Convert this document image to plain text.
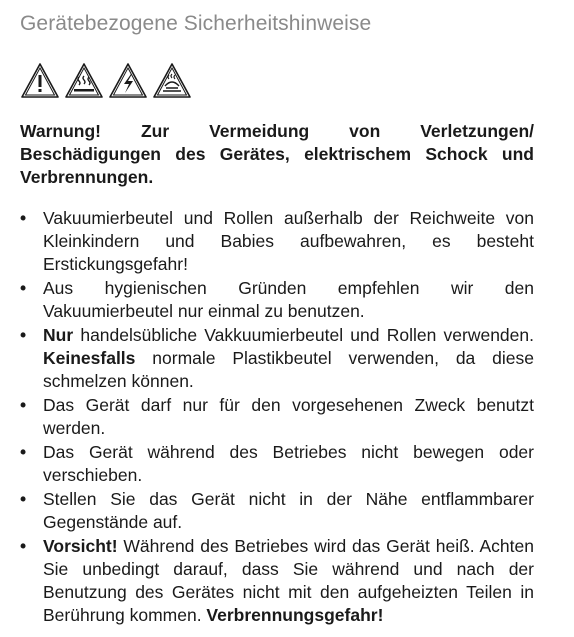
Gerätebezogene Sicherheitshinweise

Warnung! Zur Vermeidung von Verletzungen/ Beschädigungen des Gerätes, elektrischem Schock und Verbrennungen.

• Vakuumierbeutel und Rollen außerhalb der Reichweite von Kleinkindern und Babies aufbewahren, es besteht Erstickungsgefahr!
• Aus hygienischen Gründen empfehlen wir den Vakuumierbeutel nur einmal zu benutzen.
• Nur handelsübliche Vakkuumierbeutel und Rollen verwenden. Keinesfalls normale Plastikbeutel verwenden, da diese schmelzen können.
• Das Gerät darf nur für den vorgesehenen Zweck benutzt werden.
• Das Gerät während des Betriebes nicht bewegen oder verschieben.
• Stellen Sie das Gerät nicht in der Nähe entflammbarer Gegenstände auf.
• Vorsicht! Während des Betriebes wird das Gerät heiß. Achten Sie unbedingt darauf, dass Sie während und nach der Benutzung des Gerätes nicht mit den aufgeheizten Teilen in Berührung kommen. Verbrennungsgefahr!
